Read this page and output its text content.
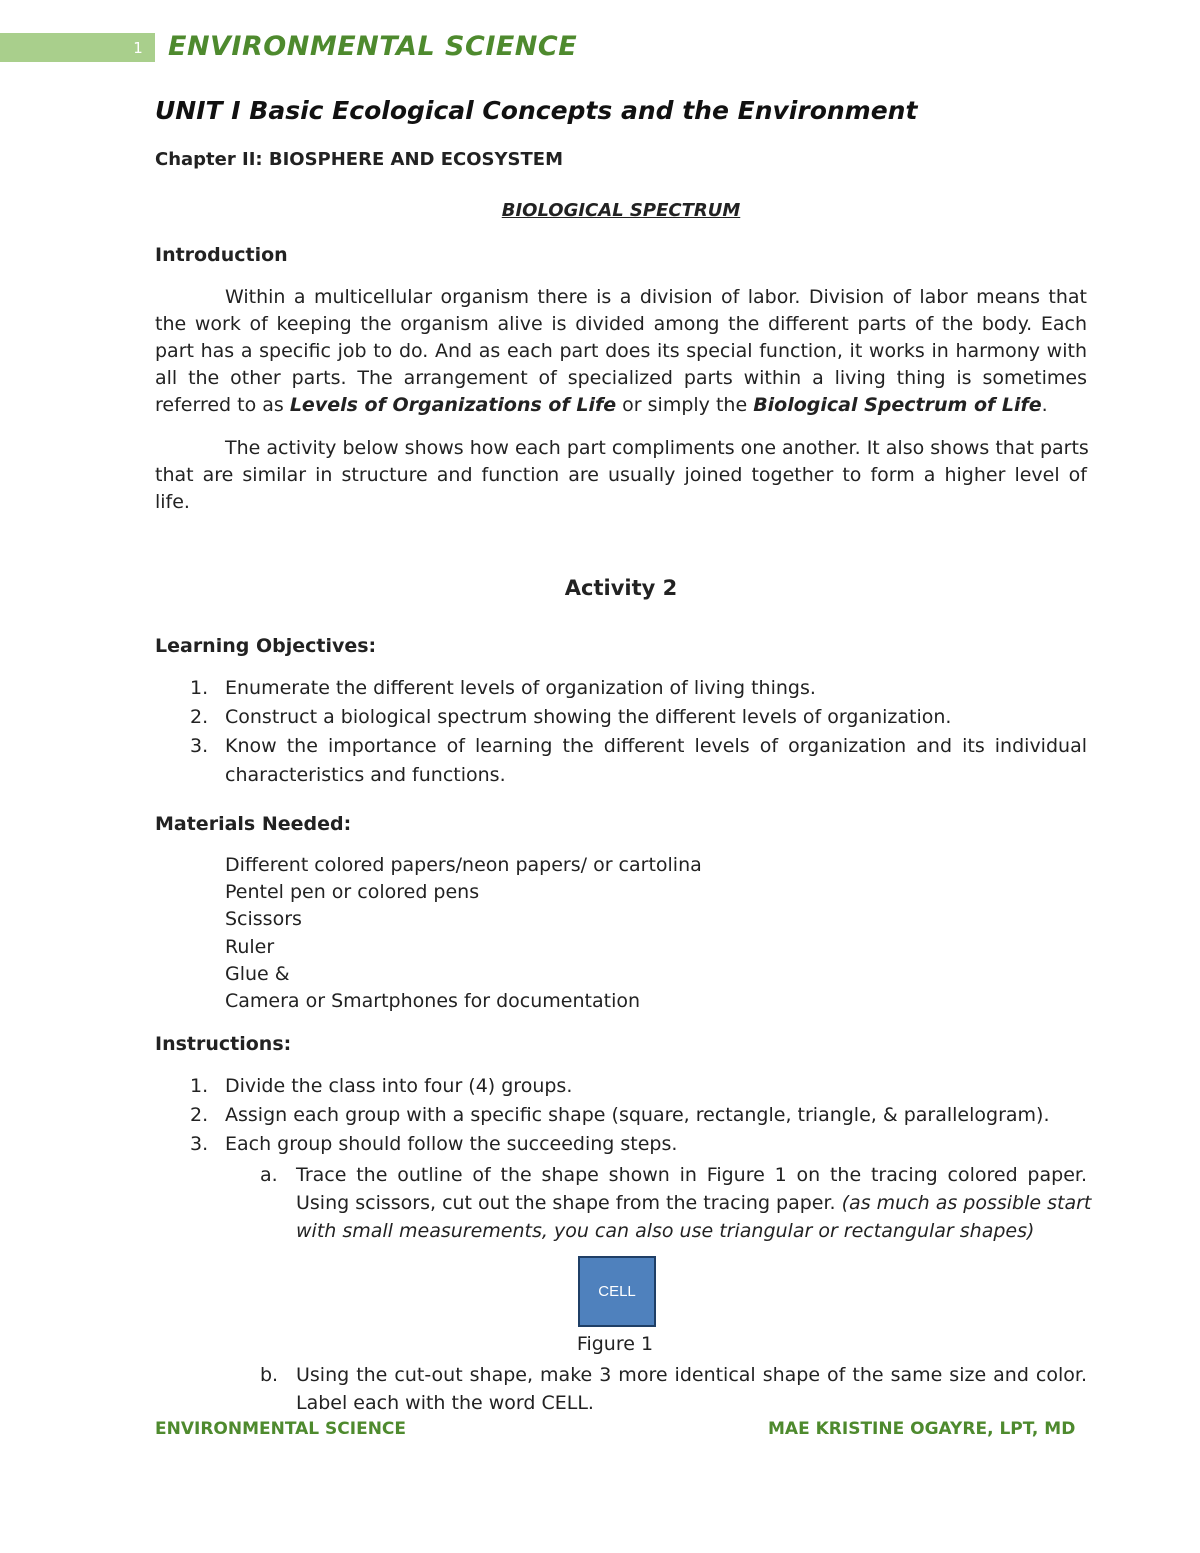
1 ENVIRONMENTAL SCIENCE
UNIT I Basic Ecological Concepts and the Environment
Chapter II: BIOSPHERE AND ECOSYSTEM
BIOLOGICAL SPECTRUM
Introduction
Within a multicellular organism there is a division of labor. Division of labor means that
the work of keeping the organism alive is divided among the different parts of the body. Each
part has a specific job to do. And as each part does its special function, it works in harmony with
all the other parts. The arrangement of specialized parts within a living thing is sometimes
referred to as Levels of Organizations of Life or simply the Biological Spectrum of Life.
The activity below shows how each part compliments one another. It also shows that parts
that are similar in structure and function are usually joined together to form a higher level of
life.
Activity 2
Learning Objectives:
1. Enumerate the different levels of organization of living things.
2. Construct a biological spectrum showing the different levels of organization.
3. Know the importance of learning the different levels of organization and its individual
characteristics and functions.
Materials Needed:
Different colored papers/neon papers/ or cartolina
Pentel pen or colored pens
Scissors
Ruler
Glue &
Camera or Smartphones for documentation
Instructions:
1. Divide the class into four (4) groups.
2. Assign each group with a specific shape (square, rectangle, triangle, & parallelogram).
3. Each group should follow the succeeding steps.
a. Trace the outline of the shape shown in Figure 1 on the tracing colored paper.
Using scissors, cut out the shape from the tracing paper. (as much as possible start
with small measurements, you can also use triangular or rectangular shapes)
CELL
Figure 1
b. Using the cut-out shape, make 3 more identical shape of the same size and color.
Label each with the word CELL.
ENVIRONMENTAL SCIENCE	MAE KRISTINE OGAYRE, LPT, MD
